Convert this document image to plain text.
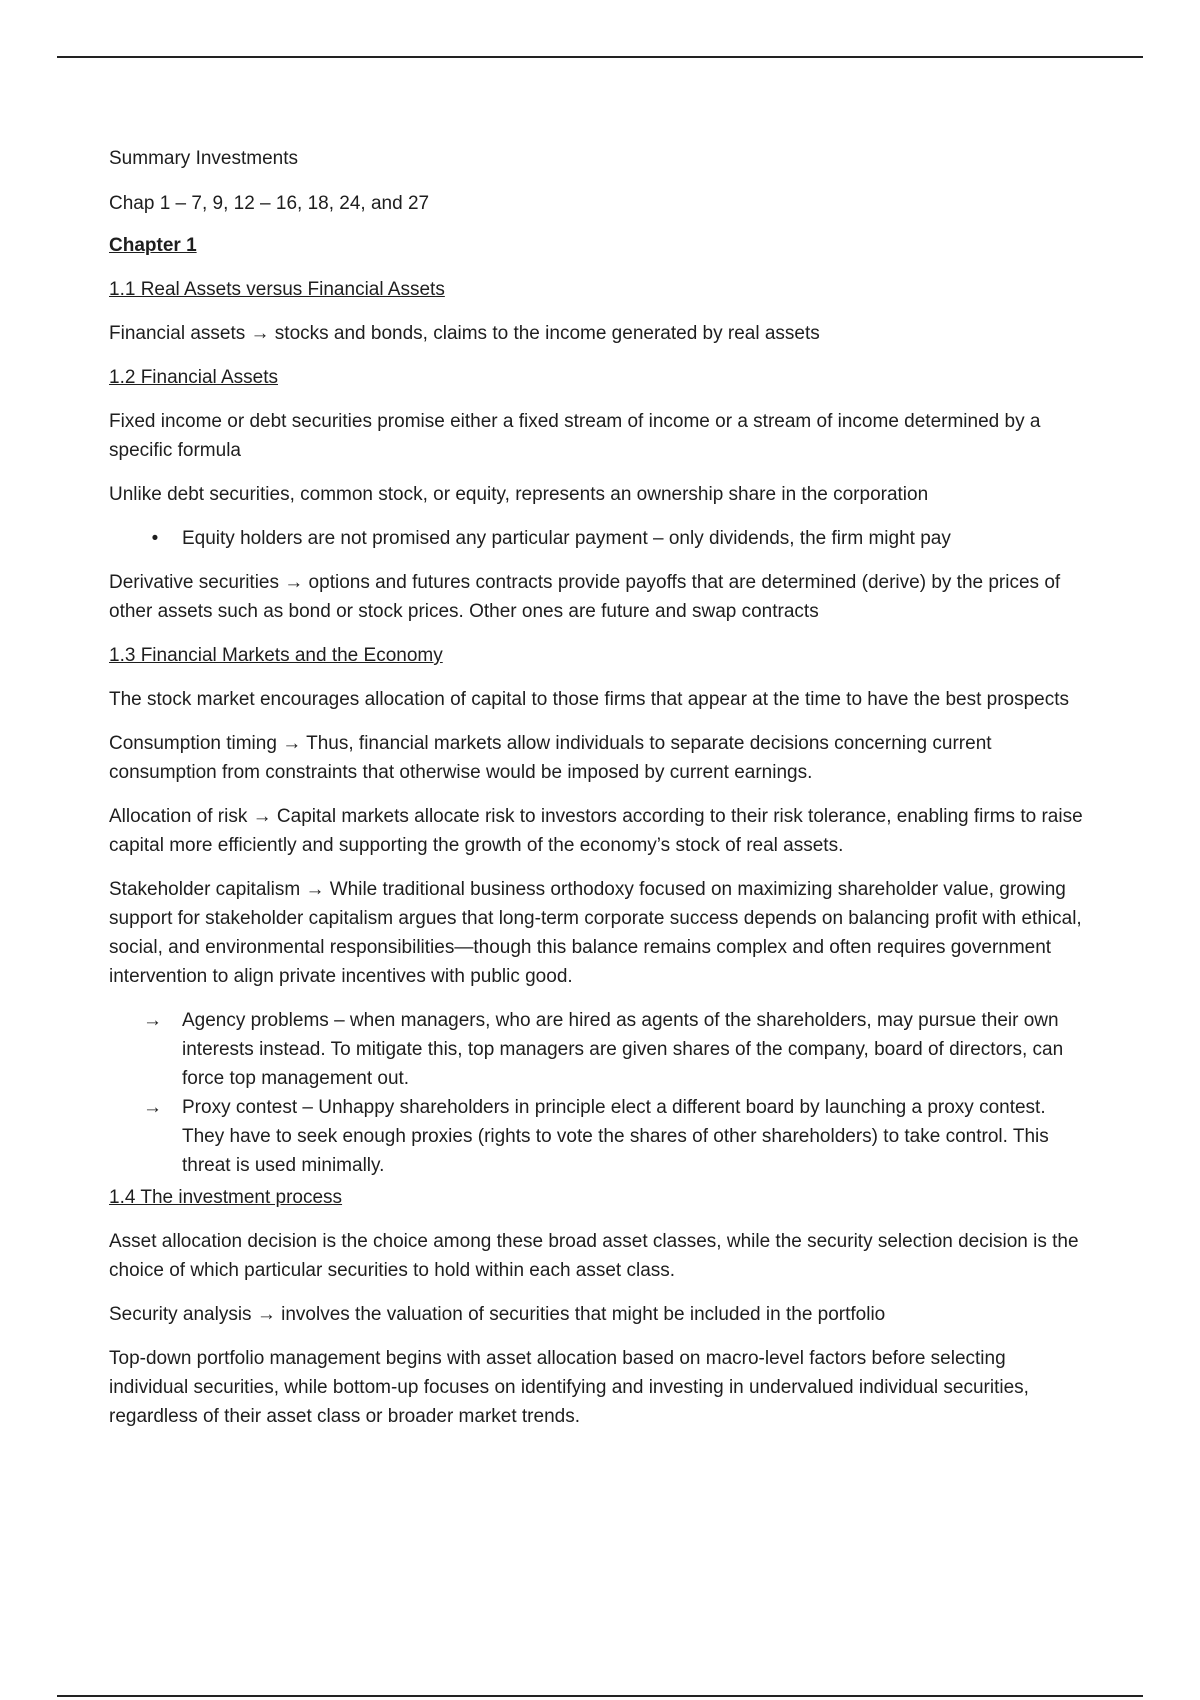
Summary Investments

Chap 1 – 7, 9, 12 – 16, 18, 24, and 27

Chapter 1

1.1 Real Assets versus Financial Assets

Financial assets → stocks and bonds, claims to the income generated by real assets

1.2 Financial Assets

Fixed income or debt securities promise either a fixed stream of income or a stream of income determined by a specific formula

Unlike debt securities, common stock, or equity, represents an ownership share in the corporation

•	Equity holders are not promised any particular payment – only dividends, the firm might pay

Derivative securities → options and futures contracts provide payoffs that are determined (derive) by the prices of other assets such as bond or stock prices. Other ones are future and swap contracts

1.3 Financial Markets and the Economy

The stock market encourages allocation of capital to those firms that appear at the time to have the best prospects

Consumption timing → Thus, financial markets allow individuals to separate decisions concerning current consumption from constraints that otherwise would be imposed by current earnings.

Allocation of risk → Capital markets allocate risk to investors according to their risk tolerance, enabling firms to raise capital more efficiently and supporting the growth of the economy’s stock of real assets.

Stakeholder capitalism → While traditional business orthodoxy focused on maximizing shareholder value, growing support for stakeholder capitalism argues that long-term corporate success depends on balancing profit with ethical, social, and environmental responsibilities—though this balance remains complex and often requires government intervention to align private incentives with public good.

→ Agency problems – when managers, who are hired as agents of the shareholders, may pursue their own interests instead. To mitigate this, top managers are given shares of the company, board of directors, can force top management out.
→ Proxy contest – Unhappy shareholders in principle elect a different board by launching a proxy contest. They have to seek enough proxies (rights to vote the shares of other shareholders) to take control. This threat is used minimally.

1.4 The investment process

Asset allocation decision is the choice among these broad asset classes, while the security selection decision is the choice of which particular securities to hold within each asset class.

Security analysis → involves the valuation of securities that might be included in the portfolio

Top-down portfolio management begins with asset allocation based on macro-level factors before selecting individual securities, while bottom-up focuses on identifying and investing in undervalued individual securities, regardless of their asset class or broader market trends.
